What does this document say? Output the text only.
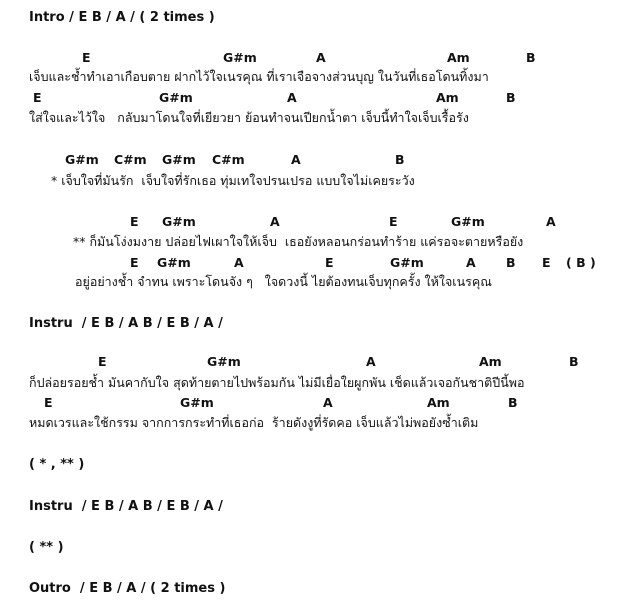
Intro / E B / A / ( 2 times )
E	G#m	A	Am	B
เจ็บและช้ำทำเอาเกือบตาย ฝากไว้ใจเนรคุณ ที่เราเจือจางส่วนบุญ ในวันที่เธอโดนทิ้งมา
E	G#m	A	Am	B
ใส่ใจและไว้ใจ   กลับมาโดนใจที่เยียวยา ย้อนทำจนเปียกน้ำตา เจ็บนี้ทำใจเจ็บเรื้อรัง
G#m C#m G#m C#m	A	B
* เจ็บใจที่มันรัก  เจ็บใจที่รักเธอ ทุ่มเทใจปรนเปรอ แบบใจไม่เคยระวัง
E G#m	A	E	G#m	A
** ก็มันโง่งมงาย ปล่อยไฟเผาใจให้เจ็บ  เธอยังหลอนกร่อนทำร้าย แค่รอจะตายหรือยัง
E G#m	A	E	G#m	A B E ( B )
อยู่อย่างช้ำ จำทน เพราะโดนจัง ๆ   ใจดวงนี้ ไยต้องทนเจ็บทุกครั้ง ให้ใจเนรคุณ
Instru  / E B / A B / E B / A /
E	G#m	A	Am	B
ก็ปล่อยรอยช้ำ มันคากับใจ สุดท้ายตายไปพร้อมกัน ไม่มีเยื่อใยผูกพัน เช็ดแล้วเจอกันชาติปีนี้พอ
E	G#m	A	Am	B
หมดเวรและใช้กรรม จากการกระทำที่เธอก่อ  ร้ายดังงูที่รัดคอ เจ็บแล้วไม่พอยังซ้ำเติม
( * , ** )
Instru  / E B / A B / E B / A /
( ** )
Outro  / E B / A / ( 2 times )
